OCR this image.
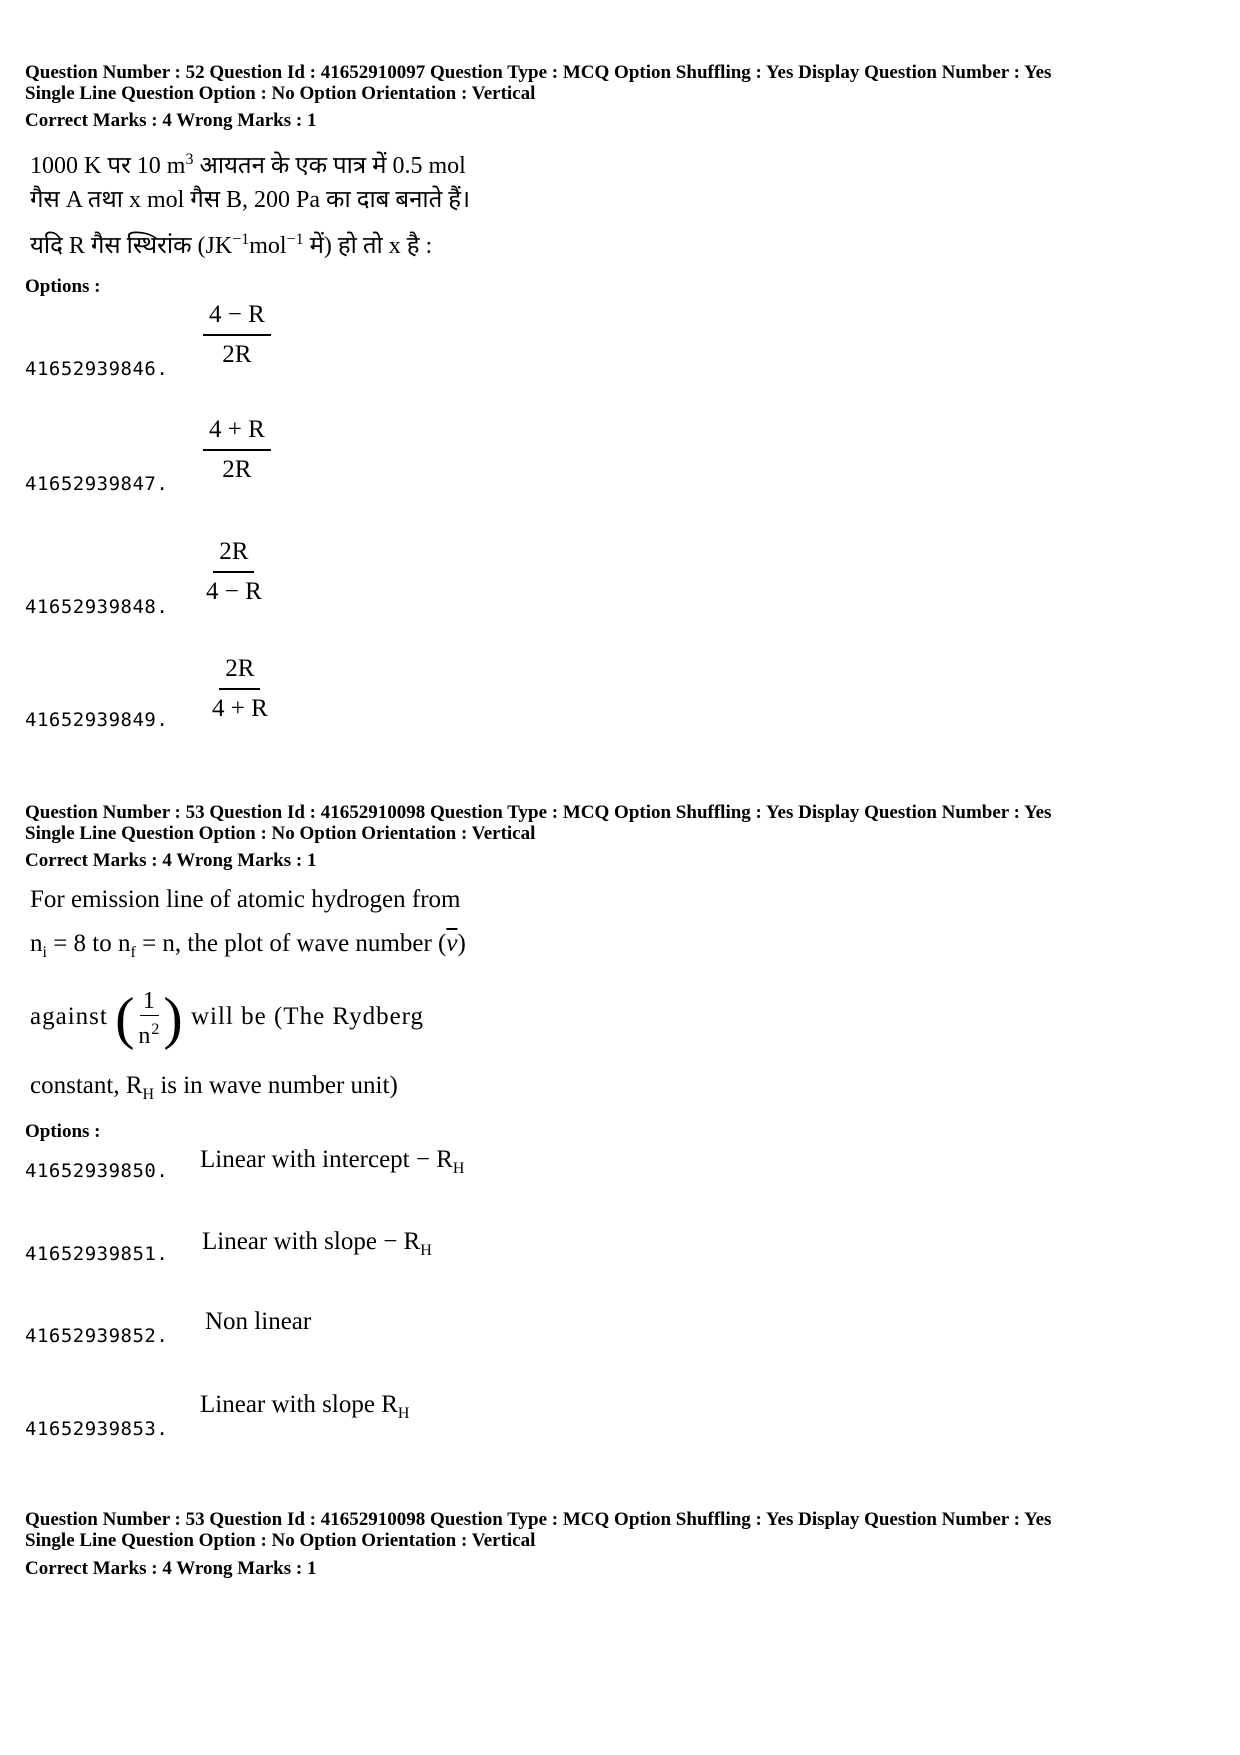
Question Number : 52 Question Id : 41652910097 Question Type : MCQ Option Shuffling : Yes Display Question Number : Yes
Single Line Question Option : No Option Orientation : Vertical
Correct Marks : 4 Wrong Marks : 1
1000 K पर 10 $m^3$ आयतन के एक पात्र में 0.5 mol
गैस A तथा x mol गैस B, 200 Pa का दाब बनाते हैं।
यदि R गैस स्थिरांक ($JK^{-1}mol^{-1}$ में) हो तो x है :
Options :
41652939846. $\frac{4 - R}{2R}$
41652939847. $\frac{4 + R}{2R}$
41652939848. $\frac{2R}{4 - R}$
41652939849. $\frac{2R}{4 + R}$
Question Number : 53 Question Id : 41652910098 Question Type : MCQ Option Shuffling : Yes Display Question Number : Yes
Single Line Question Option : No Option Orientation : Vertical
Correct Marks : 4 Wrong Marks : 1
For emission line of atomic hydrogen from
$n_i = 8$ to $n_f = n$, the plot of wave number $(\overline{\nu})$
against ( $\frac{1}{n^2}$ ) will be (The Rydberg
constant, $R_H$ is in wave number unit)
Options :
41652939850. Linear with intercept − $R_H$
41652939851. Linear with slope − $R_H$
41652939852.
Non linear
41652939853.
Linear with slope $R_H$
Question Number : 53 Question Id : 41652910098 Question Type : MCQ Option Shuffling : Yes Display Question Number : Yes
Single Line Question Option : No Option Orientation : Vertical
Correct Marks : 4 Wrong Marks : 1
